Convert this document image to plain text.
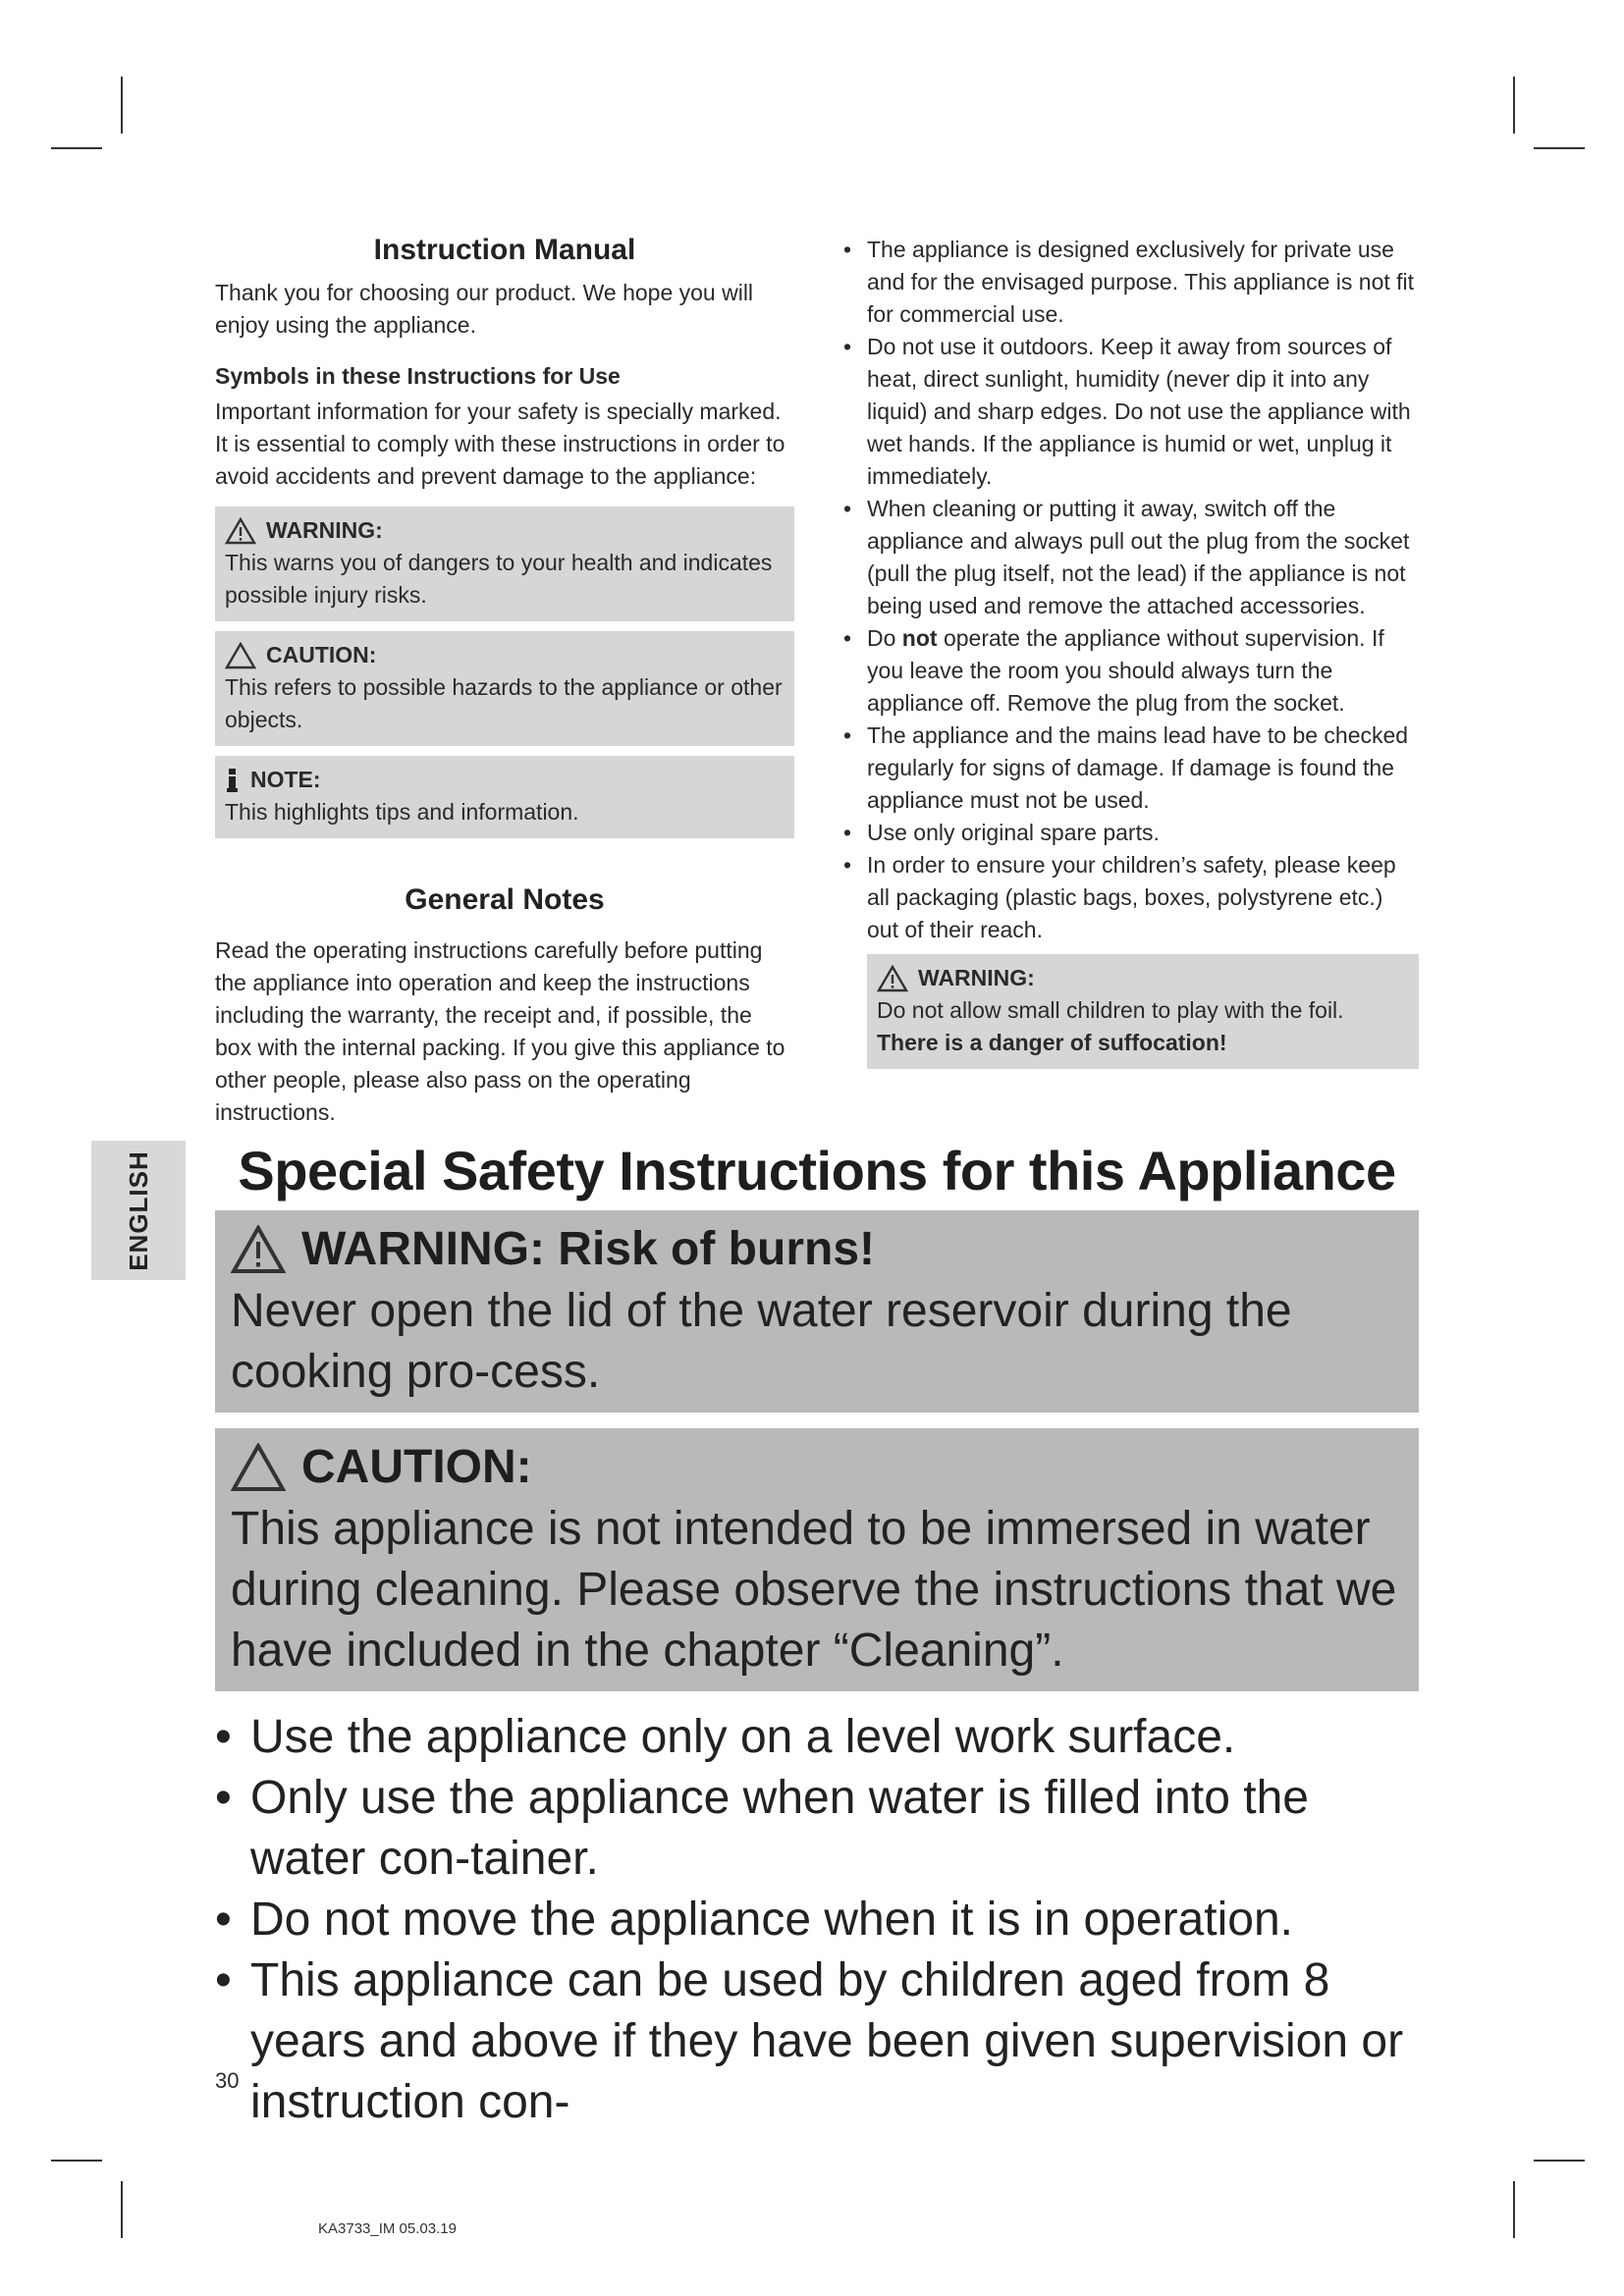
ENGLISH
Instruction Manual

Thank you for choosing our product. We hope you will enjoy using the appliance.

Symbols in these Instructions for Use

Important information for your safety is specially marked. It is essential to comply with these instructions in order to avoid accidents and prevent damage to the appliance:

WARNING:

This warns you of dangers to your health and indicates possible injury risks.

CAUTION:

This refers to possible hazards to the appliance or other objects.

NOTE:

This highlights tips and information.

General Notes

Read the operating instructions carefully before putting the appliance into operation and keep the instructions including the warranty, the receipt and, if possible, the box with the internal packing. If you give this appliance to other people, please also pass on the operating instructions.

• The appliance is designed exclusively for private use and for the envisaged purpose. This appliance is not fit for commercial use.
• Do not use it outdoors. Keep it away from sources of heat, direct sunlight, humidity (never dip it into any liquid) and sharp edges. Do not use the appliance with wet hands. If the appliance is humid or wet, unplug it immediately.
• When cleaning or putting it away, switch off the appliance and always pull out the plug from the socket (pull the plug itself, not the lead) if the appliance is not being used and remove the attached accessories.
• Do not operate the appliance without supervision. If you leave the room you should always turn the appliance off. Remove the plug from the socket.
• The appliance and the mains lead have to be checked regularly for signs of damage. If damage is found the appliance must not be used.
• Use only original spare parts.
• In order to ensure your children’s safety, please keep all packaging (plastic bags, boxes, polystyrene etc.) out of their reach.
WARNING:

Do not allow small children to play with the foil.

There is a danger of suffocation!

Special Safety Instructions for this Appliance
WARNING: Risk of burns!

Never open the lid of the water reservoir during the cooking pro-cess.

CAUTION:

This appliance is not intended to be immersed in water during cleaning. Please observe the instructions that we have included in the chapter “Cleaning”.

• Use the appliance only on a level work surface.
• Only use the appliance when water is filled into the water con-tainer.
• Do not move the appliance when it is in operation.
• This appliance can be used by children aged from 8 years and above if they have been given supervision or instruction con-
30
KA3733_IM 05.03.19
